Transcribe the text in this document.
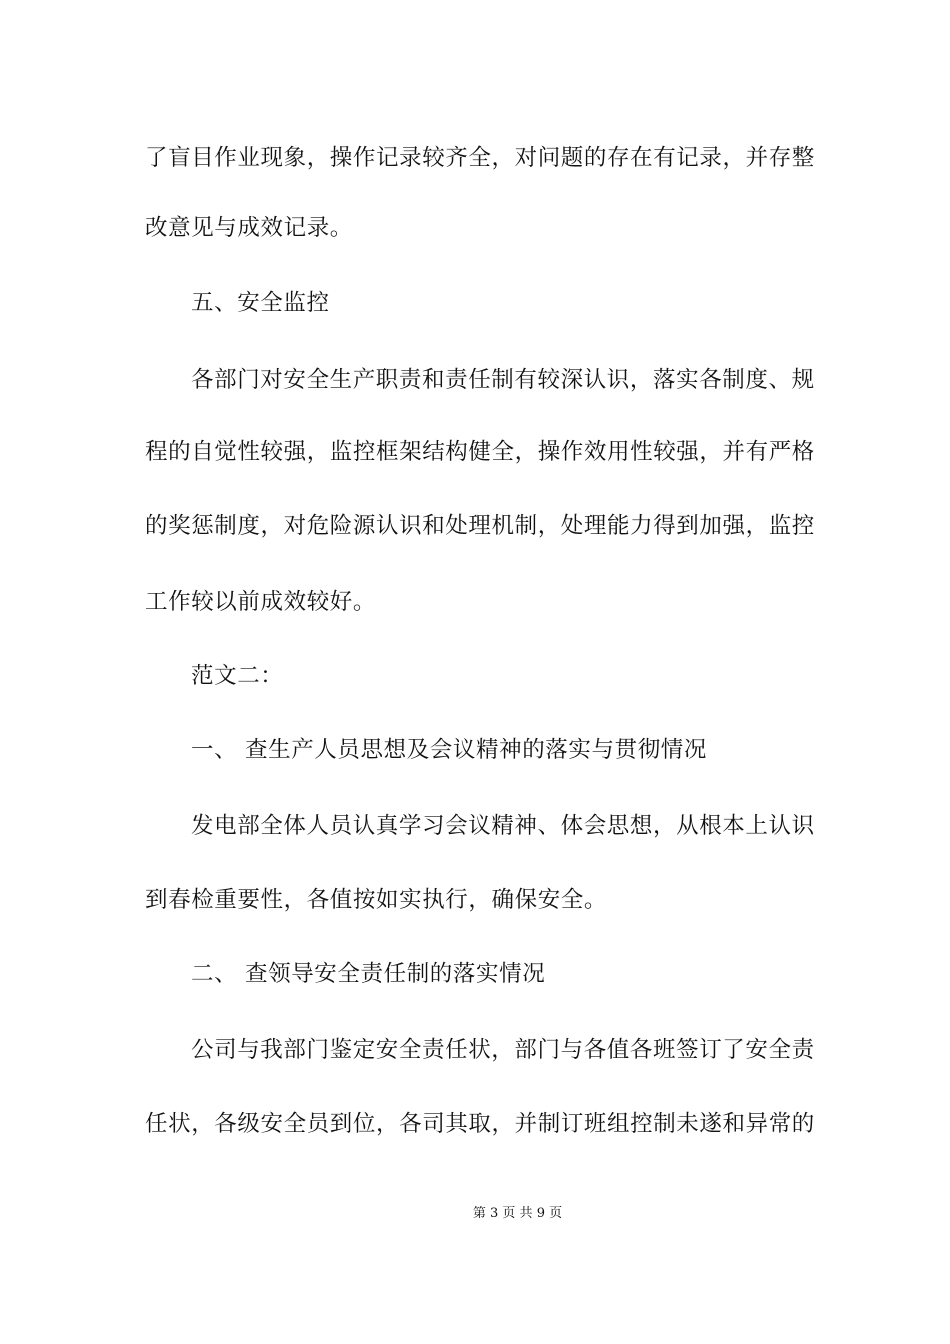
了盲目作业现象，操作记录较齐全，对问题的存在有记录，并存整
改意见与成效记录。
五、安全监控
各部门对安全生产职责和责任制有较深认识，落实各制度、规
程的自觉性较强，监控框架结构健全，操作效用性较强，并有严格
的奖惩制度，对危险源认识和处理机制，处理能力得到加强，监控
工作较以前成效较好。
范文二：
一、 查生产人员思想及会议精神的落实与贯彻情况
发电部全体人员认真学习会议精神、体会思想，从根本上认识
到春检重要性，各值按如实执行，确保安全。
二、 查领导安全责任制的落实情况
公司与我部门鉴定安全责任状，部门与各值各班签订了安全责
任状，各级安全员到位，各司其取，并制订班组控制未遂和异常的
第 3 页 共 9 页
